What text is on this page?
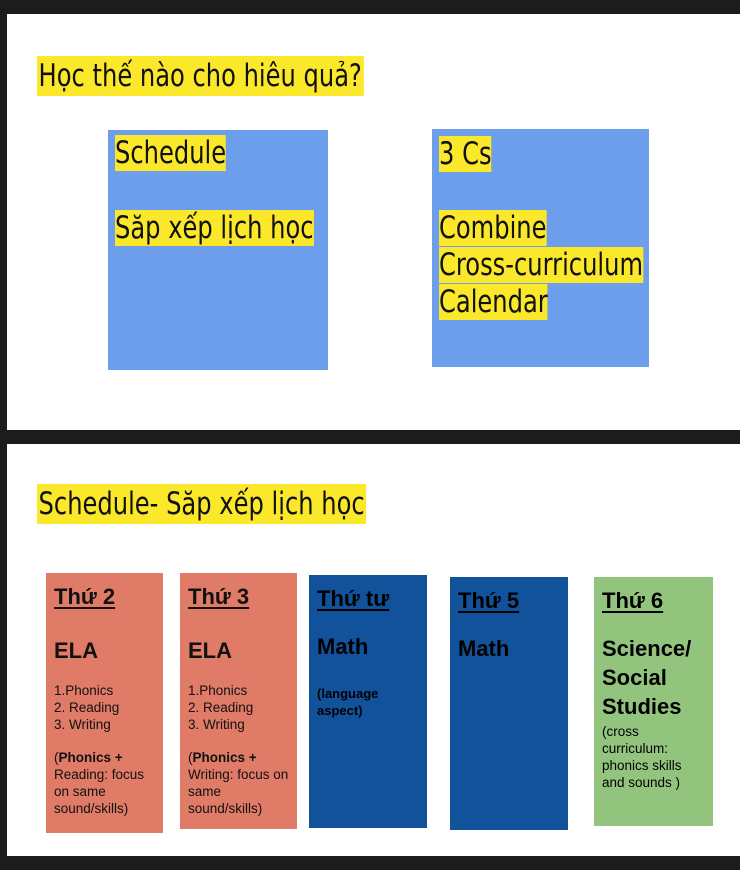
Học thế nào cho hiêu quả?
Schedule
Săp xếp lịch học
3 Cs
Combine
Cross-curriculum
Calendar
Schedule- Săp xếp lịch học
Thứ 2
ELA
1.Phonics
2. Reading
3. Writing
(Phonics + Reading: focus on same sound/skills)
Thứ 3
ELA
1.Phonics
2. Reading
3. Writing
(Phonics + Writing: focus on same sound/skills)
Thứ tư
Math
(language aspect)
Thứ 5
Math
Thứ 6
Science/
Social
Studies
(cross curriculum: phonics skills and sounds )
